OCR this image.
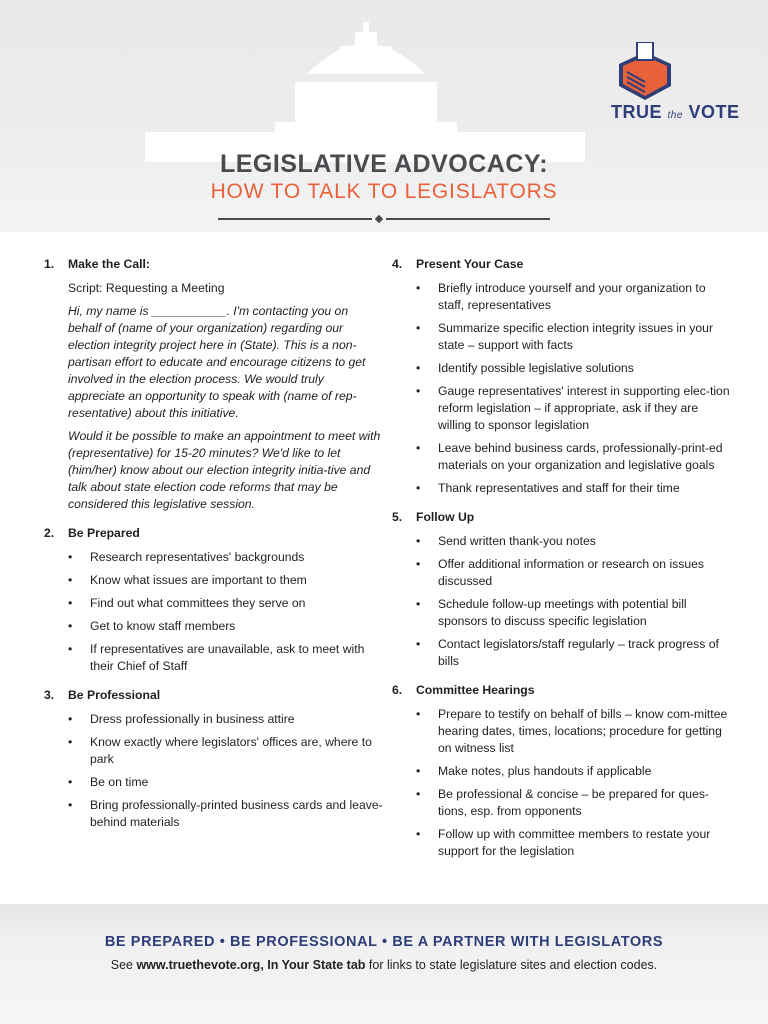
TRUE the VOTE
LEGISLATIVE ADVOCACY:
HOW TO TALK TO LEGISLATORS
1.	Make the Call:
Script: Requesting a Meeting

Hi, my name is ___________. I'm contacting you on behalf of (name of your organization) regarding our election integrity project here in (State). This is a non-partisan effort to educate and encourage citizens to get involved in the election process. We would truly appreciate an opportunity to speak with (name of rep-resentative) about this initiative.

Would it be possible to make an appointment to meet with (representative) for 15-20 minutes? We'd like to let (him/her) know about our election integrity initia-tive and talk about state election code reforms that may be considered this legislative session.

2.	Be Prepared
•	Research representatives' backgrounds
•	Know what issues are important to them
•	Find out what committees they serve on
•	Get to know staff members
•	If representatives are unavailable, ask to meet with their Chief of Staff
3.	Be Professional
•	Dress professionally in business attire
•	Know exactly where legislators' offices are, where to park
•	Be on time
•	Bring professionally-printed business cards and leave-behind materials
4.	Present Your Case
•	Briefly introduce yourself and your organization to staff, representatives
•	Summarize specific election integrity issues in your state – support with facts
•	Identify possible legislative solutions
•	Gauge representatives' interest in supporting elec-tion reform legislation – if appropriate, ask if they are willing to sponsor legislation
•	Leave behind business cards, professionally-print-ed materials on your organization and legislative goals
•	Thank representatives and staff for their time
5.	Follow Up
•	Send written thank-you notes
•	Offer additional information or research on issues discussed
•	Schedule follow-up meetings with potential bill sponsors to discuss specific legislation
•	Contact legislators/staff regularly – track progress of bills
6.	Committee Hearings
•	Prepare to testify on behalf of bills – know com-mittee hearing dates, times, locations; procedure for getting on witness list
•	Make notes, plus handouts if applicable
•	Be professional & concise – be prepared for ques-tions, esp. from opponents
•	Follow up with committee members to restate your support for the legislation
BE PREPARED • BE PROFESSIONAL • BE A PARTNER WITH LEGISLATORS
See www.truethevote.org, In Your State tab for links to state legislature sites and election codes.
